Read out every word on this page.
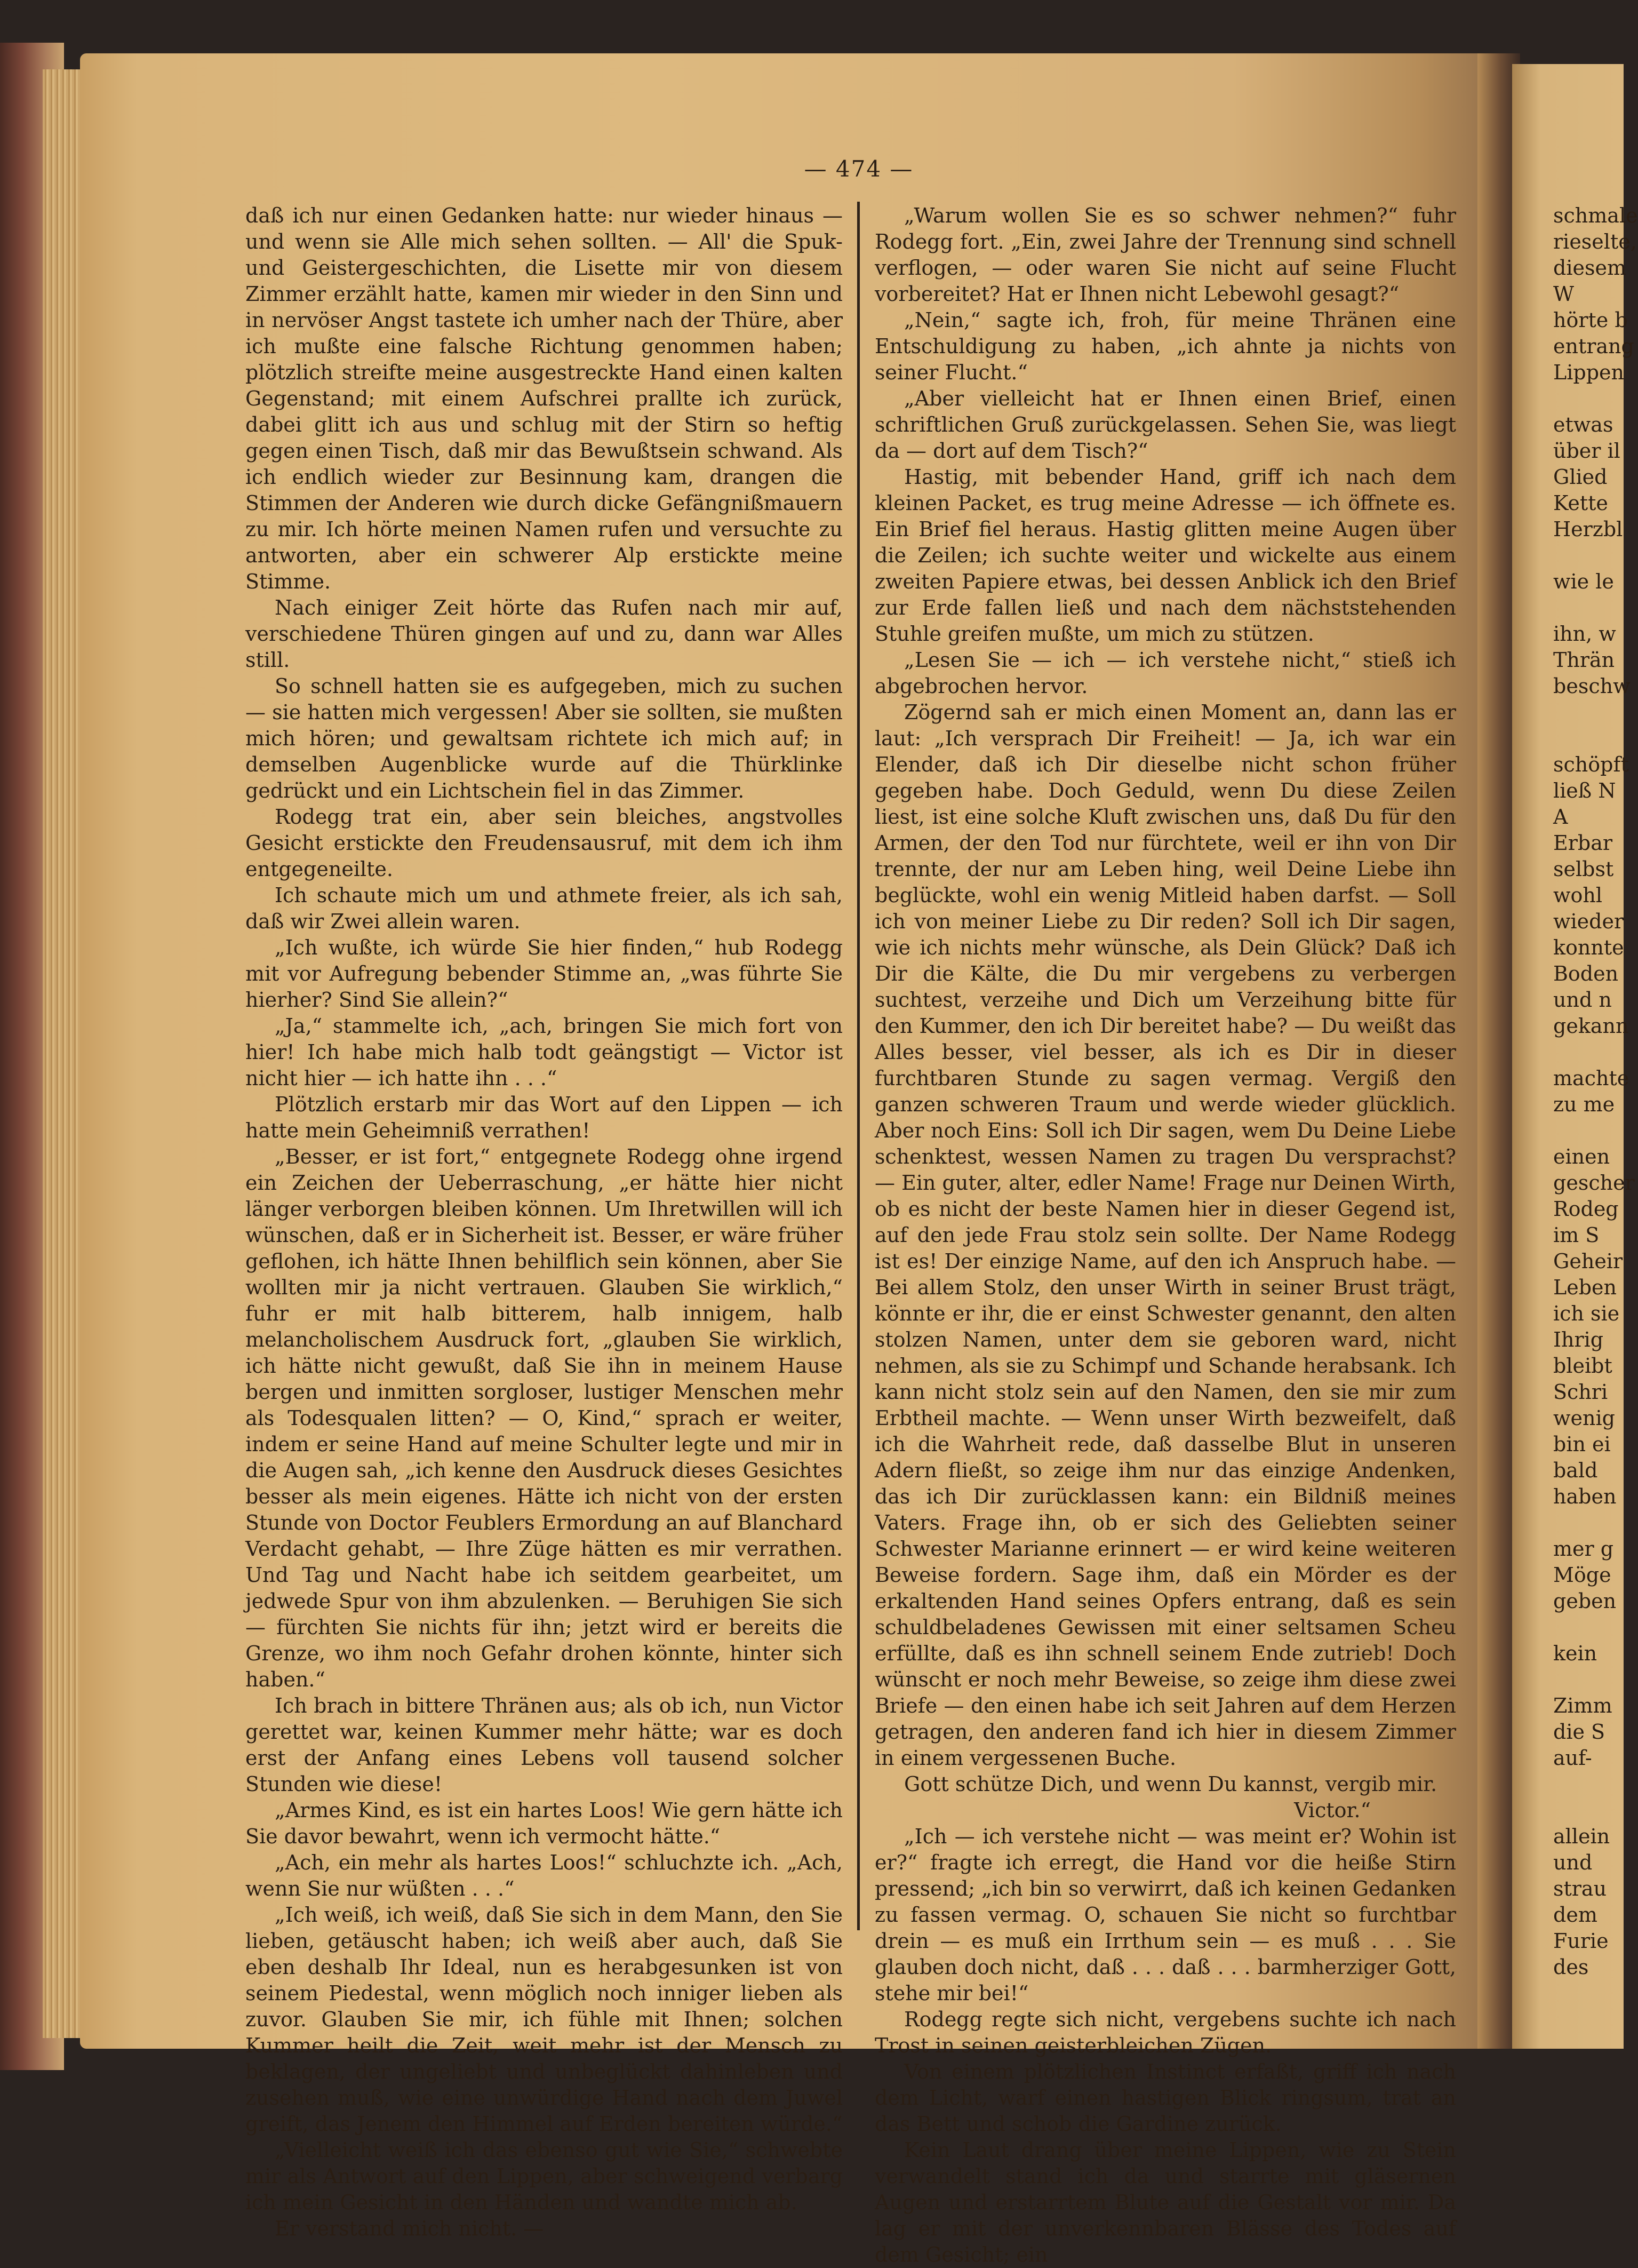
— 474 —

daß ich nur einen Gedanken hatte: nur wieder hinaus — und wenn sie Alle mich sehen sollten. — All' die Spuk- und Geistergeschichten, die Lisette mir von diesem Zimmer erzählt hatte, kamen mir wieder in den Sinn und in nervöser Angst tastete ich umher nach der Thüre, aber ich mußte eine falsche Richtung genommen haben; plötzlich streifte meine ausgestreckte Hand einen kalten Gegenstand; mit einem Aufschrei prallte ich zurück, dabei glitt ich aus und schlug mit der Stirn so heftig gegen einen Tisch, daß mir das Bewußtsein schwand. Als ich endlich wieder zur Besinnung kam, drangen die Stimmen der Anderen wie durch dicke Gefängnißmauern zu mir. Ich hörte meinen Namen rufen und versuchte zu antworten, aber ein schwerer Alp erstickte meine Stimme.

Nach einiger Zeit hörte das Rufen nach mir auf, verschiedene Thüren gingen auf und zu, dann war Alles still.

So schnell hatten sie es aufgegeben, mich zu suchen — sie hatten mich vergessen! Aber sie sollten, sie mußten mich hören; und gewaltsam richtete ich mich auf; in demselben Augenblicke wurde auf die Thürklinke gedrückt und ein Lichtschein fiel in das Zimmer.

Rodegg trat ein, aber sein bleiches, angstvolles Gesicht erstickte den Freudensausruf, mit dem ich ihm entgegeneilte.

Ich schaute mich um und athmete freier, als ich sah, daß wir Zwei allein waren.

„Ich wußte, ich würde Sie hier finden,“ hub Rodegg mit vor Aufregung bebender Stimme an, „was führte Sie hierher? Sind Sie allein?“

„Ja,“ stammelte ich, „ach, bringen Sie mich fort von hier! Ich habe mich halb todt geängstigt — Victor ist nicht hier — ich hatte ihn . . .“

Plötzlich erstarb mir das Wort auf den Lippen — ich hatte mein Geheimniß verrathen!

„Besser, er ist fort,“ entgegnete Rodegg ohne irgend ein Zeichen der Ueberraschung, „er hätte hier nicht länger verborgen bleiben können. Um Ihretwillen will ich wünschen, daß er in Sicherheit ist. Besser, er wäre früher geflohen, ich hätte Ihnen behilflich sein können, aber Sie wollten mir ja nicht vertrauen. Glauben Sie wirklich,“ fuhr er mit halb bitterem, halb innigem, halb melancholischem Ausdruck fort, „glauben Sie wirklich, ich hätte nicht gewußt, daß Sie ihn in meinem Hause bergen und inmitten sorgloser, lustiger Menschen mehr als Todesqualen litten? — O, Kind,“ sprach er weiter, indem er seine Hand auf meine Schulter legte und mir in die Augen sah, „ich kenne den Ausdruck dieses Gesichtes besser als mein eigenes. Hätte ich nicht von der ersten Stunde von Doctor Feublers Ermordung an auf Blanchard Verdacht gehabt, — Ihre Züge hätten es mir verrathen. Und Tag und Nacht habe ich seitdem gearbeitet, um jedwede Spur von ihm abzulenken. — Beruhigen Sie sich — fürchten Sie nichts für ihn; jetzt wird er bereits die Grenze, wo ihm noch Gefahr drohen könnte, hinter sich haben.“

Ich brach in bittere Thränen aus; als ob ich, nun Victor gerettet war, keinen Kummer mehr hätte; war es doch erst der Anfang eines Lebens voll tausend solcher Stunden wie diese!

„Armes Kind, es ist ein hartes Loos! Wie gern hätte ich Sie davor bewahrt, wenn ich vermocht hätte.“

„Ach, ein mehr als hartes Loos!“ schluchzte ich. „Ach, wenn Sie nur wüßten . . .“

„Ich weiß, ich weiß, daß Sie sich in dem Mann, den Sie lieben, getäuscht haben; ich weiß aber auch, daß Sie eben deshalb Ihr Ideal, nun es herabgesunken ist von seinem Piedestal, wenn möglich noch inniger lieben als zuvor. Glauben Sie mir, ich fühle mit Ihnen; solchen Kummer heilt die Zeit, weit mehr ist der Mensch zu beklagen, der ungeliebt und unbeglückt dahinleben und zusehen muß, wie eine unwürdige Hand nach dem Juwel greift, das Jenem den Himmel auf Erden bereiten würde.“

„Vielleicht weiß ich das ebenso gut wie Sie,“ schwebte mir als Antwort auf den Lippen, aber schweigend verbarg ich mein Gesicht in den Händen und wandte mich ab.

Er verstand mich nicht. —

„Warum wollen Sie es so schwer nehmen?“ fuhr Rodegg fort. „Ein, zwei Jahre der Trennung sind schnell verflogen, — oder waren Sie nicht auf seine Flucht vorbereitet? Hat er Ihnen nicht Lebewohl gesagt?“

„Nein,“ sagte ich, froh, für meine Thränen eine Entschuldigung zu haben, „ich ahnte ja nichts von seiner Flucht.“

„Aber vielleicht hat er Ihnen einen Brief, einen schriftlichen Gruß zurückgelassen. Sehen Sie, was liegt da — dort auf dem Tisch?“

Hastig, mit bebender Hand, griff ich nach dem kleinen Packet, es trug meine Adresse — ich öffnete es. Ein Brief fiel heraus. Hastig glitten meine Augen über die Zeilen; ich suchte weiter und wickelte aus einem zweiten Papiere etwas, bei dessen Anblick ich den Brief zur Erde fallen ließ und nach dem nächststehenden Stuhle greifen mußte, um mich zu stützen.

„Lesen Sie — ich — ich verstehe nicht,“ stieß ich abgebrochen hervor.

Zögernd sah er mich einen Moment an, dann las er laut: „Ich versprach Dir Freiheit! — Ja, ich war ein Elender, daß ich Dir dieselbe nicht schon früher gegeben habe. Doch Geduld, wenn Du diese Zeilen liest, ist eine solche Kluft zwischen uns, daß Du für den Armen, der den Tod nur fürchtete, weil er ihn von Dir trennte, der nur am Leben hing, weil Deine Liebe ihn beglückte, wohl ein wenig Mitleid haben darfst. — Soll ich von meiner Liebe zu Dir reden? Soll ich Dir sagen, wie ich nichts mehr wünsche, als Dein Glück? Daß ich Dir die Kälte, die Du mir vergebens zu verbergen suchtest, verzeihe und Dich um Verzeihung bitte für den Kummer, den ich Dir bereitet habe? — Du weißt das Alles besser, viel besser, als ich es Dir in dieser furchtbaren Stunde zu sagen vermag. Vergiß den ganzen schweren Traum und werde wieder glücklich. Aber noch Eins: Soll ich Dir sagen, wem Du Deine Liebe schenktest, wessen Namen zu tragen Du versprachst? — Ein guter, alter, edler Name! Frage nur Deinen Wirth, ob es nicht der beste Namen hier in dieser Gegend ist, auf den jede Frau stolz sein sollte. Der Name Rodegg ist es! Der einzige Name, auf den ich Anspruch habe. — Bei allem Stolz, den unser Wirth in seiner Brust trägt, könnte er ihr, die er einst Schwester genannt, den alten stolzen Namen, unter dem sie geboren ward, nicht nehmen, als sie zu Schimpf und Schande herabsank. Ich kann nicht stolz sein auf den Namen, den sie mir zum Erbtheil machte. — Wenn unser Wirth bezweifelt, daß ich die Wahrheit rede, daß dasselbe Blut in unseren Adern fließt, so zeige ihm nur das einzige Andenken, das ich Dir zurücklassen kann: ein Bildniß meines Vaters. Frage ihn, ob er sich des Geliebten seiner Schwester Marianne erinnert — er wird keine weiteren Beweise fordern. Sage ihm, daß ein Mörder es der erkaltenden Hand seines Opfers entrang, daß es sein schuldbeladenes Gewissen mit einer seltsamen Scheu erfüllte, daß es ihn schnell seinem Ende zutrieb! Doch wünscht er noch mehr Beweise, so zeige ihm diese zwei Briefe — den einen habe ich seit Jahren auf dem Herzen getragen, den anderen fand ich hier in diesem Zimmer in einem vergessenen Buche.

Gott schütze Dich, und wenn Du kannst, vergib mir.

Victor.“

„Ich — ich verstehe nicht — was meint er? Wohin ist er?“ fragte ich erregt, die Hand vor die heiße Stirn pressend; „ich bin so verwirrt, daß ich keinen Gedanken zu fassen vermag. O, schauen Sie nicht so furchtbar drein — es muß ein Irrthum sein — es muß . . . Sie glauben doch nicht, daß . . . daß . . . barmherziger Gott, stehe mir bei!“

Rodegg regte sich nicht, vergebens suchte ich nach Trost in seinen geisterbleichen Zügen.

Von einem plötzlichen Instinct erfaßt, griff ich nach dem Licht, warf einen hastigen Blick ringsum, trat an das Bett und schob die Gardine zurück.

Kein Laut drang über meine Lippen, wie zu Stein verwandelt stand ich da und starrte mit gläsernen Augen und erstarrtem Blute auf die Gestalt vor mir. Da lag er mit der unverkennbaren Blässe des Todes auf dem Gesicht; ein

schmale
rieselte,
diesem
W
hörte b
entrang
Lippen

etwas
über il
Glied
Kette
Herzbl

wie le

ihn, w
Thrän
beschw

schöpft
ließ N
A
Erbar
selbst
wohl
wieder
konnte
Boden
und n
gekann

machte
zu me

einen
gescher
Rodeg
im S
Geheir
Leben
ich sie
Ihrig
bleibt
Schri
wenig
bin ei
bald
haben

mer g
Möge
geben

kein

Zimm
die S
auf-

allein
und
strau
dem
Furie
des
